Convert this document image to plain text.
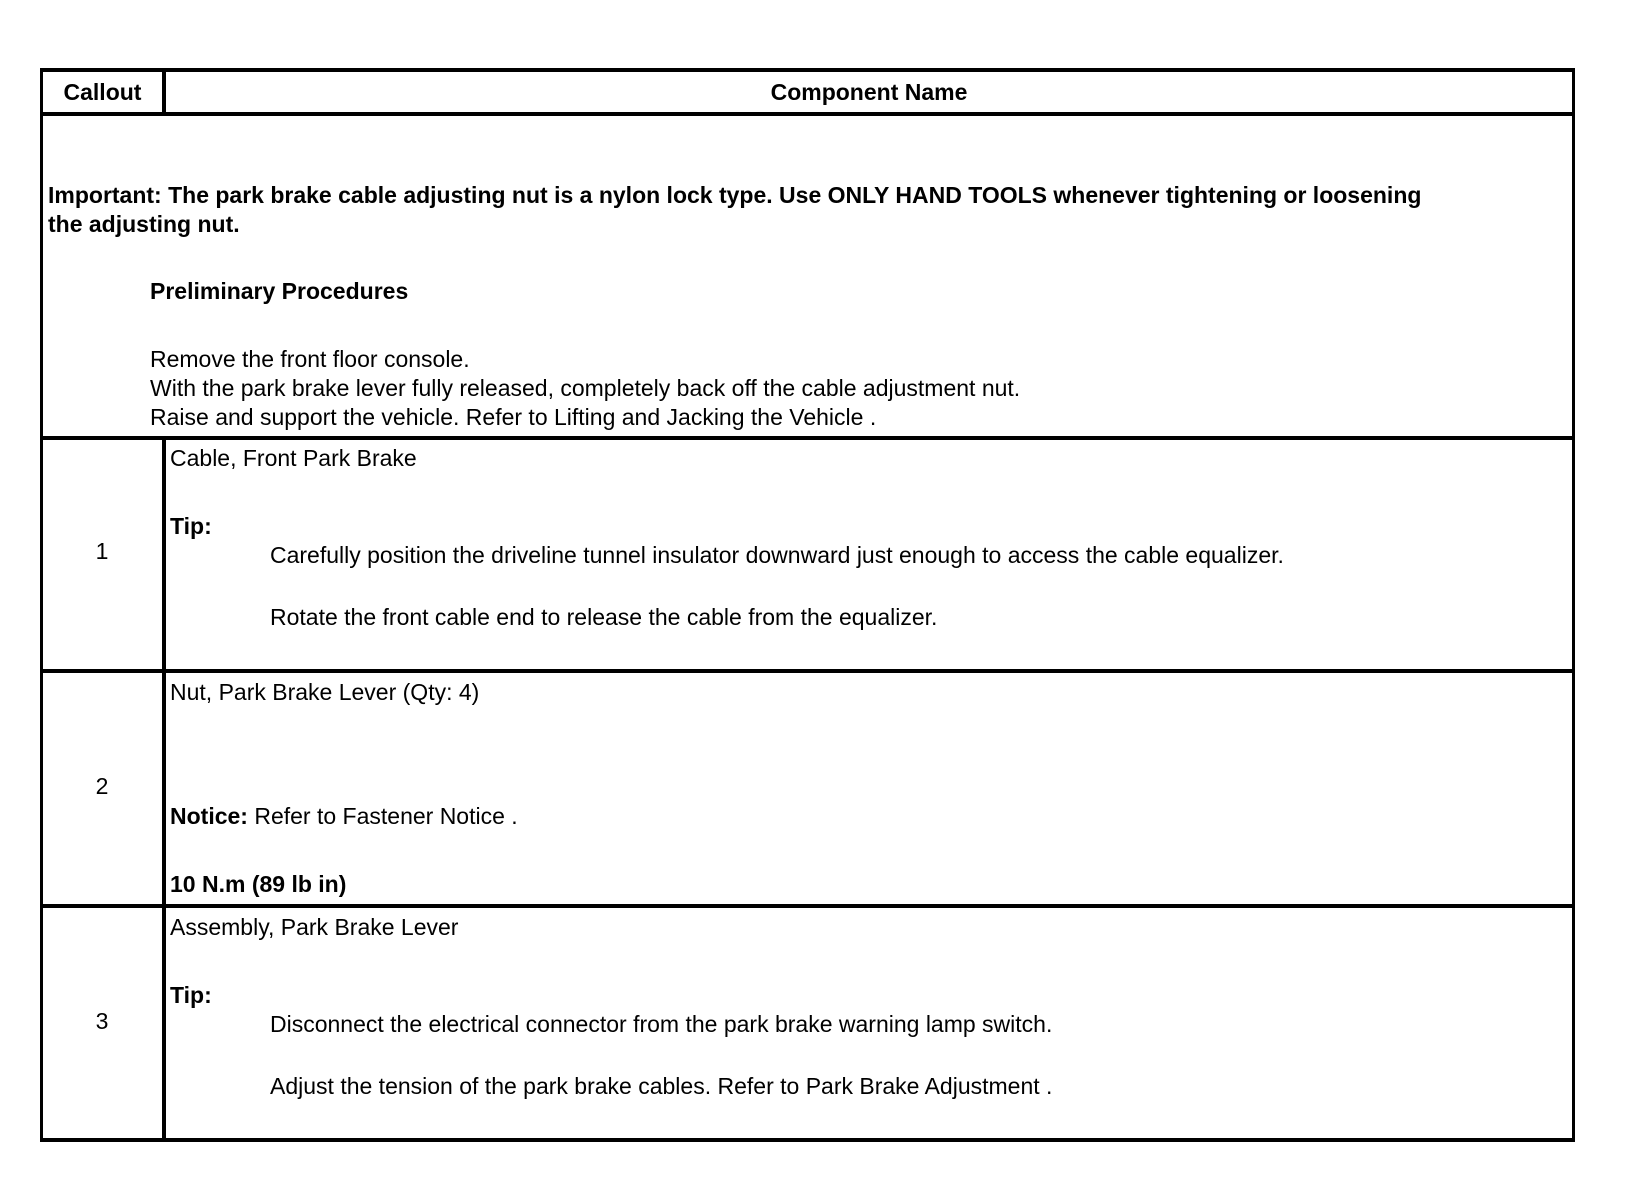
Callout	Component Name
Important: The park brake cable adjusting nut is a nylon lock type. Use ONLY HAND TOOLS whenever tightening or loosening
the adjusting nut.
Preliminary Procedures
Remove the front floor console.
With the park brake lever fully released, completely back off the cable adjustment nut.
Raise and support the vehicle. Refer to Lifting and Jacking the Vehicle .
1
Cable, Front Park Brake
Tip:
Carefully position the driveline tunnel insulator downward just enough to access the cable equalizer.
Rotate the front cable end to release the cable from the equalizer.
2
Nut, Park Brake Lever (Qty: 4)
Notice: Refer to Fastener Notice .
10 N.m (89 lb in)
3
Assembly, Park Brake Lever
Tip:
Disconnect the electrical connector from the park brake warning lamp switch.
Adjust the tension of the park brake cables. Refer to Park Brake Adjustment .
